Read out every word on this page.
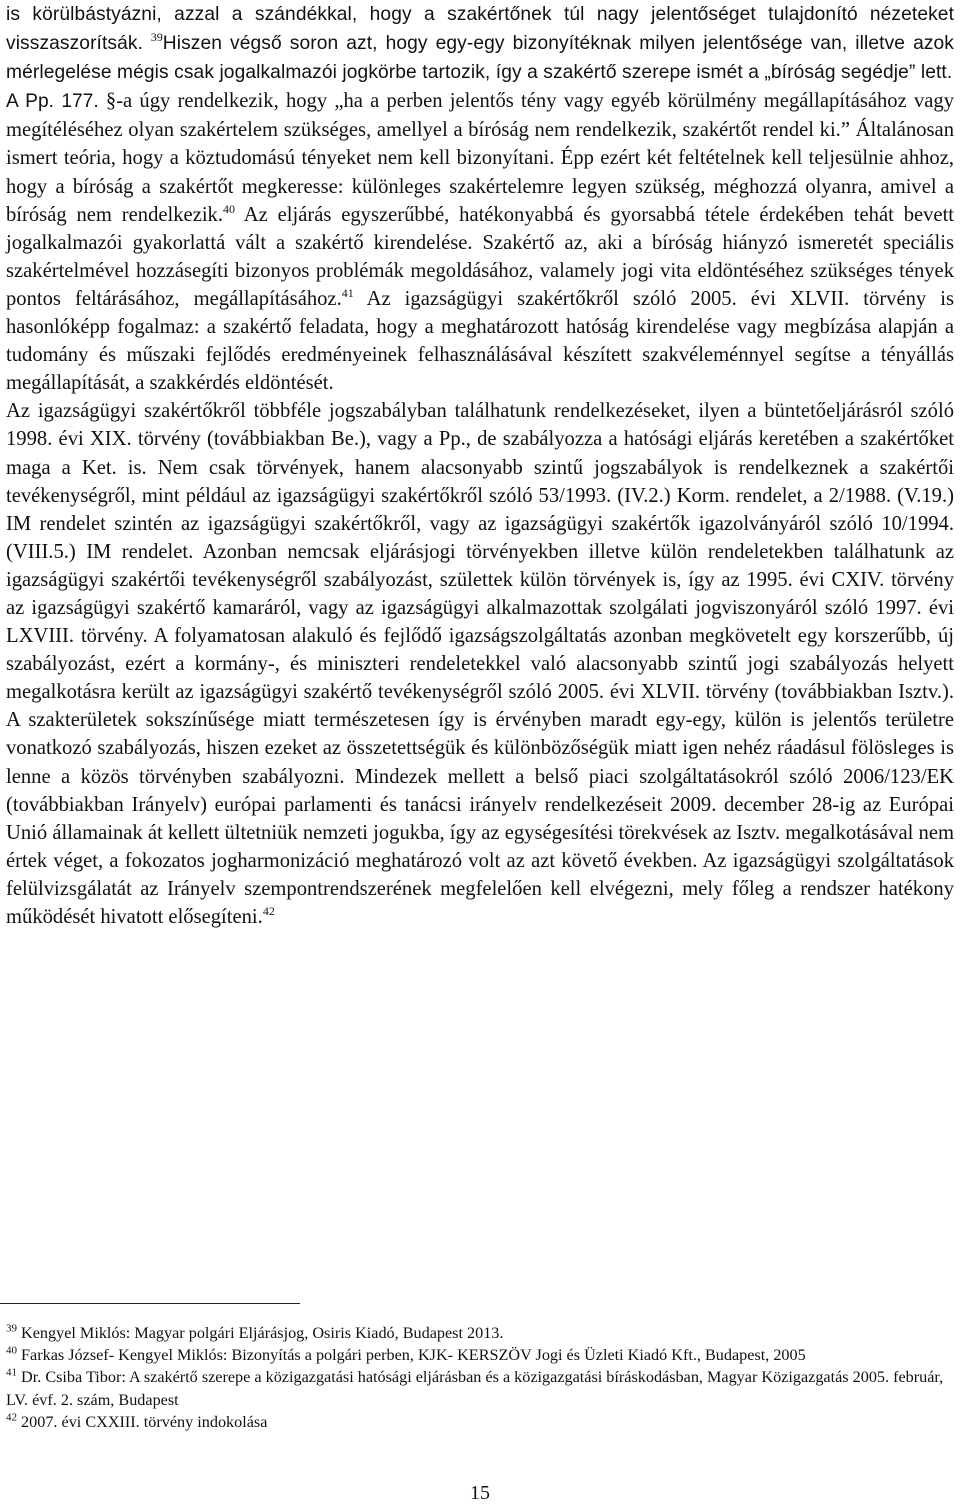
is körülbástyázni, azzal a szándékkal, hogy a szakértőnek túl nagy jelentőséget tulajdonító nézeteket visszaszorítsák. $^{39}$Hiszen végső soron azt, hogy egy-egy bizonyítéknak milyen jelentősége van, illetve azok mérlegelése mégis csak jogalkalmazói jogkörbe tartozik, így a szakértő szerepe ismét a „bíróság segédje” lett.

A Pp. 177. §-a úgy rendelkezik, hogy „ha a perben jelentős tény vagy egyéb körülmény megállapításához vagy megítéléséhez olyan szakértelem szükséges, amellyel a bíróság nem rendelkezik, szakértőt rendel ki.” Általánosan ismert teória, hogy a köztudomású tényeket nem kell bizonyítani. Épp ezért két feltételnek kell teljesülnie ahhoz, hogy a bíróság a szakértőt megkeresse: különleges szakértelemre legyen szükség, méghozzá olyanra, amivel a bíróság nem rendelkezik.$^{40}$ Az eljárás egyszerűbbé, hatékonyabbá és gyorsabbá tétele érdekében tehát bevett jogalkalmazói gyakorlattá vált a szakértő kirendelése. Szakértő az, aki a bíróság hiányzó ismeretét speciális szakértelmével hozzásegíti bizonyos problémák megoldásához, valamely jogi vita eldöntéséhez szükséges tények pontos feltárásához, megállapításához.$^{41}$ Az igazságügyi szakértőkről szóló 2005. évi XLVII. törvény is hasonlóképp fogalmaz: a szakértő feladata, hogy a meghatározott hatóság kirendelése vagy megbízása alapján a tudomány és műszaki fejlődés eredményeinek felhasználásával készített szakvéleménnyel segítse a tényállás megállapítását, a szakkérdés eldöntését.

Az igazságügyi szakértőkről többféle jogszabályban találhatunk rendelkezéseket, ilyen a büntetőeljárásról szóló 1998. évi XIX. törvény (továbbiakban Be.), vagy a Pp., de szabályozza a hatósági eljárás keretében a szakértőket maga a Ket. is. Nem csak törvények, hanem alacsonyabb szintű jogszabályok is rendelkeznek a szakértői tevékenységről, mint például az igazságügyi szakértőkről szóló 53/1993. (IV.2.) Korm. rendelet, a 2/1988. (V.19.) IM rendelet szintén az igazságügyi szakértőkről, vagy az igazságügyi szakértők igazolványáról szóló 10/1994. (VIII.5.) IM rendelet. Azonban nemcsak eljárásjogi törvényekben illetve külön rendeletekben találhatunk az igazságügyi szakértői tevékenységről szabályozást, születtek külön törvények is, így az 1995. évi CXIV. törvény az igazságügyi szakértő kamaráról, vagy az igazságügyi alkalmazottak szolgálati jogviszonyáról szóló 1997. évi LXVIII. törvény. A folyamatosan alakuló és fejlődő igazságszolgáltatás azonban megkövetelt egy korszerűbb, új szabályozást, ezért a kormány-, és miniszteri rendeletekkel való alacsonyabb szintű jogi szabályozás helyett megalkotásra került az igazságügyi szakértő tevékenységről szóló 2005. évi XLVII. törvény (továbbiakban Isztv.). A szakterületek sokszínűsége miatt természetesen így is érvényben maradt egy-egy, külön is jelentős területre vonatkozó szabályozás, hiszen ezeket az összetettségük és különbözőségük miatt igen nehéz ráadásul fölösleges is lenne a közös törvényben szabályozni. Mindezek mellett a belső piaci szolgáltatásokról szóló 2006/123/EK (továbbiakban Irányelv) európai parlamenti és tanácsi irányelv rendelkezéseit 2009. december 28-ig az Európai Unió államainak át kellett ültetniük nemzeti jogukba, így az egységesítési törekvések az Isztv. megalkotásával nem értek véget, a fokozatos jogharmonizáció meghatározó volt az azt követő években. Az igazságügyi szolgáltatások felülvizsgálatát az Irányelv szempontrendszerének megfelelően kell elvégezni, mely főleg a rendszer hatékony működését hivatott elősegíteni.$^{42}$

$^{39}$ Kengyel Miklós: Magyar polgári Eljárásjog, Osiris Kiadó, Budapest 2013.

$^{40}$ Farkas József- Kengyel Miklós: Bizonyítás a polgári perben, KJK- KERSZÖV Jogi és Üzleti Kiadó Kft., Budapest, 2005

$^{41}$ Dr. Csiba Tibor: A szakértő szerepe a közigazgatási hatósági eljárásban és a közigazgatási bíráskodásban, Magyar Közigazgatás 2005. február, LV. évf. 2. szám, Budapest

$^{42}$ 2007. évi CXXIII. törvény indokolása

15
